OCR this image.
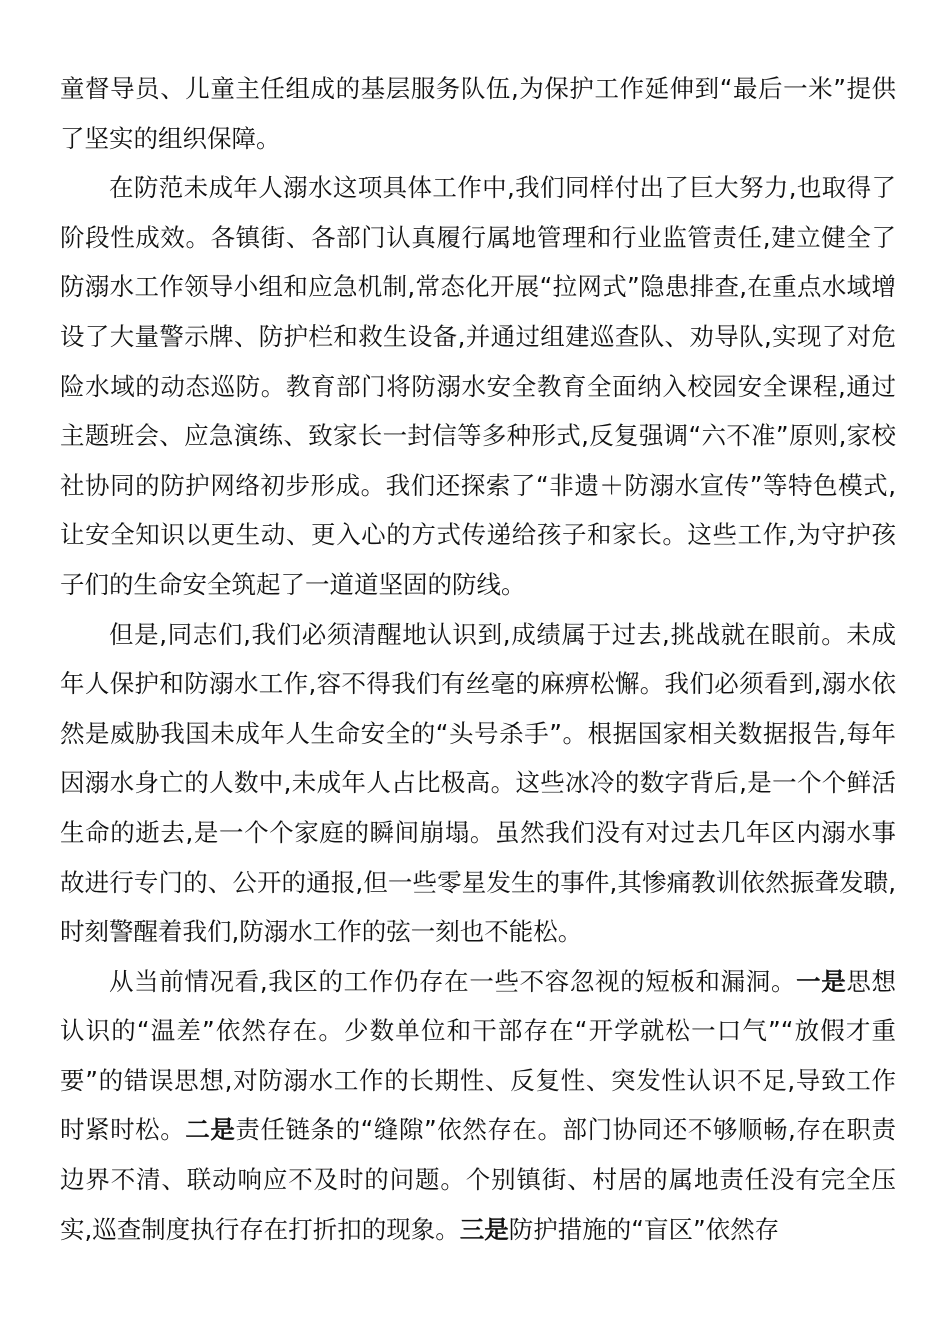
童督导员、儿童主任组成的基层服务队伍,为保护工作延伸到“最后一米”提供了坚实的组织保障。

在防范未成年人溺水这项具体工作中,我们同样付出了巨大努力,也取得了阶段性成效。各镇街、各部门认真履行属地管理和行业监管责任,建立健全了防溺水工作领导小组和应急机制,常态化开展“拉网式”隐患排查,在重点水域增设了大量警示牌、防护栏和救生设备,并通过组建巡查队、劝导队,实现了对危险水域的动态巡防。教育部门将防溺水安全教育全面纳入校园安全课程,通过主题班会、应急演练、致家长一封信等多种形式,反复强调“六不准”原则,家校社协同的防护网络初步形成。我们还探索了“非遗＋防溺水宣传”等特色模式,让安全知识以更生动、更入心的方式传递给孩子和家长。这些工作,为守护孩子们的生命安全筑起了一道道坚固的防线。

但是,同志们,我们必须清醒地认识到,成绩属于过去,挑战就在眼前。未成年人保护和防溺水工作,容不得我们有丝毫的麻痹松懈。我们必须看到,溺水依然是威胁我国未成年人生命安全的“头号杀手”。根据国家相关数据报告,每年因溺水身亡的人数中,未成年人占比极高。这些冰冷的数字背后,是一个个鲜活生命的逝去,是一个个家庭的瞬间崩塌。虽然我们没有对过去几年区内溺水事故进行专门的、公开的通报,但一些零星发生的事件,其惨痛教训依然振聋发聩,时刻警醒着我们,防溺水工作的弦一刻也不能松。

从当前情况看,我区的工作仍存在一些不容忽视的短板和漏洞。一是思想认识的“温差”依然存在。少数单位和干部存在“开学就松一口气”“放假才重要”的错误思想,对防溺水工作的长期性、反复性、突发性认识不足,导致工作时紧时松。二是责任链条的“缝隙”依然存在。部门协同还不够顺畅,存在职责边界不清、联动响应不及时的问题。个别镇街、村居的属地责任没有完全压实,巡查制度执行存在打折扣的现象。三是防护措施的“盲区”依然存
